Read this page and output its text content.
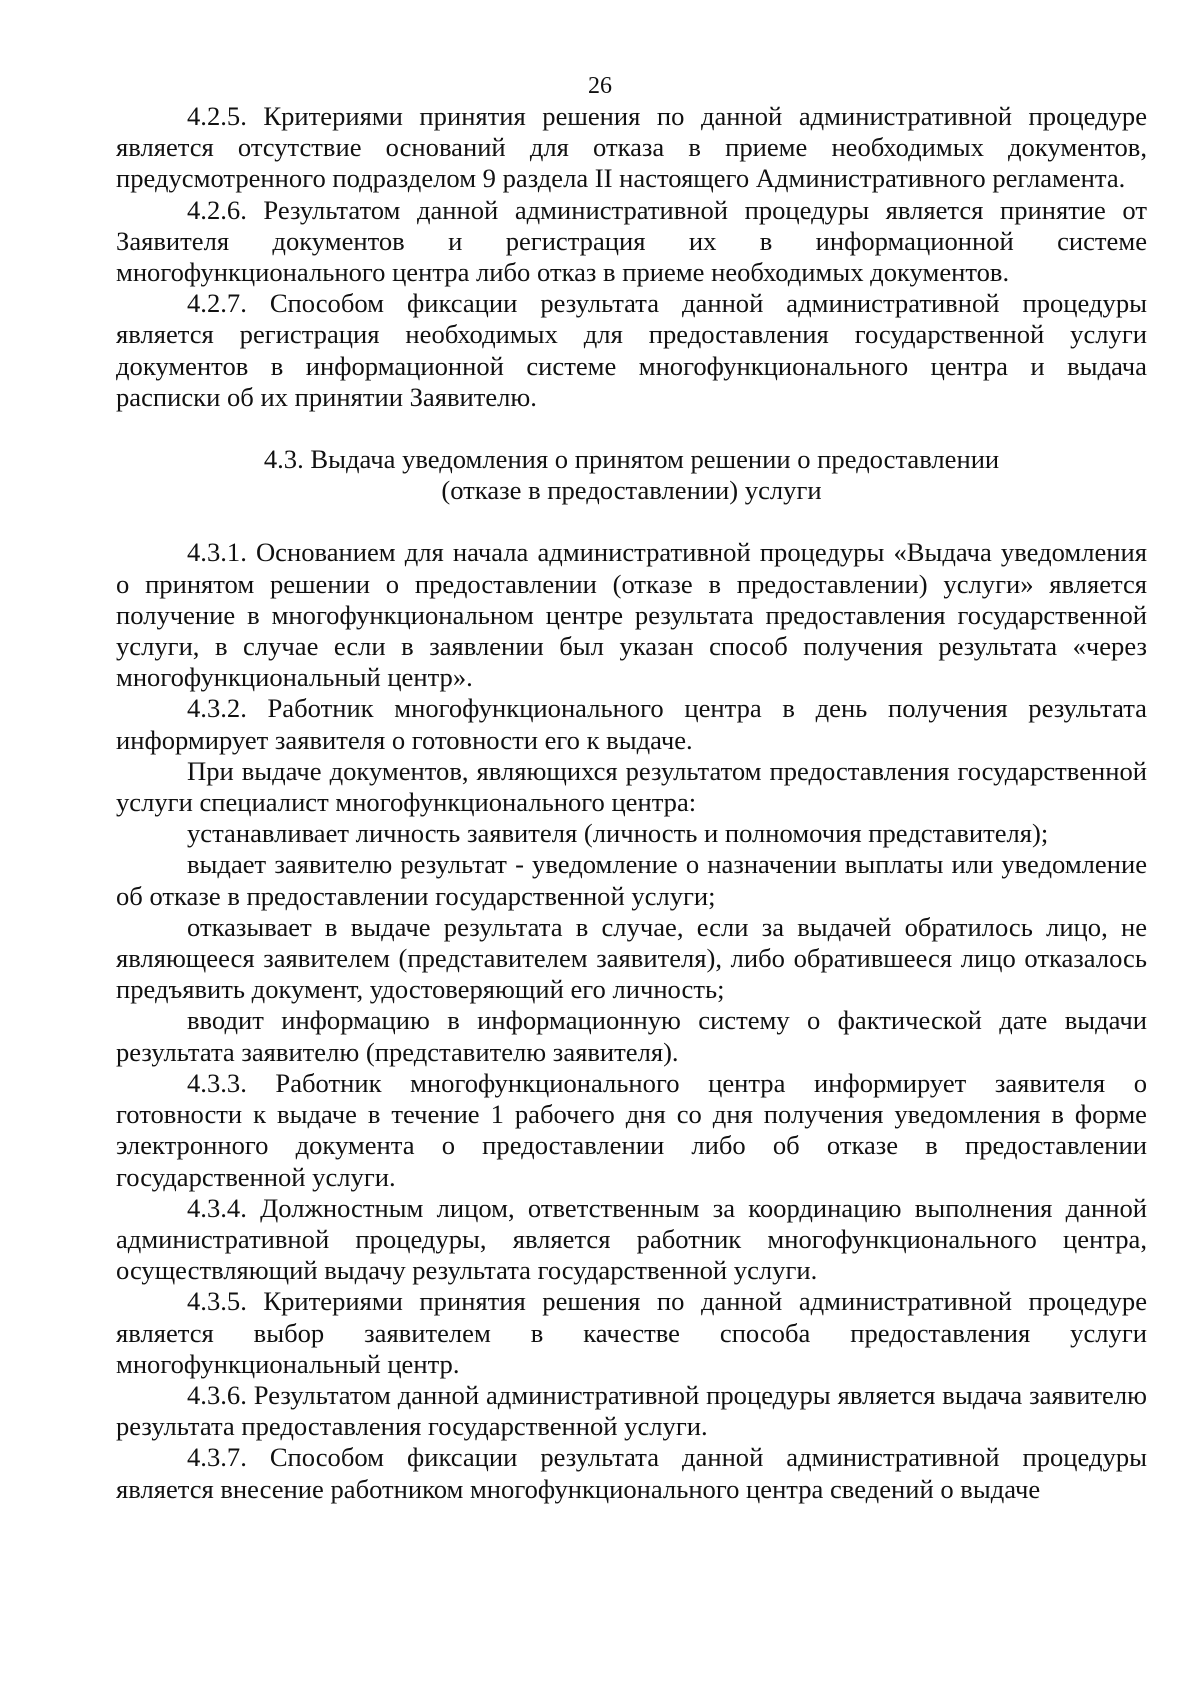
26

4.2.5. Критериями принятия решения по данной административной процедуре является отсутствие оснований для отказа в приеме необходимых документов, предусмотренного подразделом 9 раздела II настоящего Административного регламента.

4.2.6. Результатом данной административной процедуры является принятие от Заявителя документов и регистрация их в информационной системе многофункционального центра либо отказ в приеме необходимых документов.

4.2.7. Способом фиксации результата данной административной процедуры является регистрация необходимых для предоставления государственной услуги документов в информационной системе многофункционального центра и выдача расписки об их принятии Заявителю.

4.3. Выдача уведомления о принятом решении о предоставлении
(отказе в предоставлении) услуги

4.3.1. Основанием для начала административной процедуры «Выдача уведомления о принятом решении о предоставлении (отказе в предоставлении) услуги» является получение в многофункциональном центре результата предоставления государственной услуги, в случае если в заявлении был указан способ получения результата «через многофункциональный центр».

4.3.2. Работник многофункционального центра в день получения результата информирует заявителя о готовности его к выдаче.

При выдаче документов, являющихся результатом предоставления государственной услуги специалист многофункционального центра:

устанавливает личность заявителя (личность и полномочия представителя);

выдает заявителю результат - уведомление о назначении выплаты или уведомление об отказе в предоставлении государственной услуги;

отказывает в выдаче результата в случае, если за выдачей обратилось лицо, не являющееся заявителем (представителем заявителя), либо обратившееся лицо отказалось предъявить документ, удостоверяющий его личность;

вводит информацию в информационную систему о фактической дате выдачи результата заявителю (представителю заявителя).

4.3.3. Работник многофункционального центра информирует заявителя о готовности к выдаче в течение 1 рабочего дня со дня получения уведомления в форме электронного документа о предоставлении либо об отказе в предоставлении государственной услуги.

4.3.4. Должностным лицом, ответственным за координацию выполнения данной административной процедуры, является работник многофункционального центра, осуществляющий выдачу результата государственной услуги.

4.3.5. Критериями принятия решения по данной административной процедуре является выбор заявителем в качестве способа предоставления услуги многофункциональный центр.

4.3.6. Результатом данной административной процедуры является выдача заявителю результата предоставления государственной услуги.

4.3.7. Способом фиксации результата данной административной процедуры является внесение работником многофункционального центра сведений о выдаче
